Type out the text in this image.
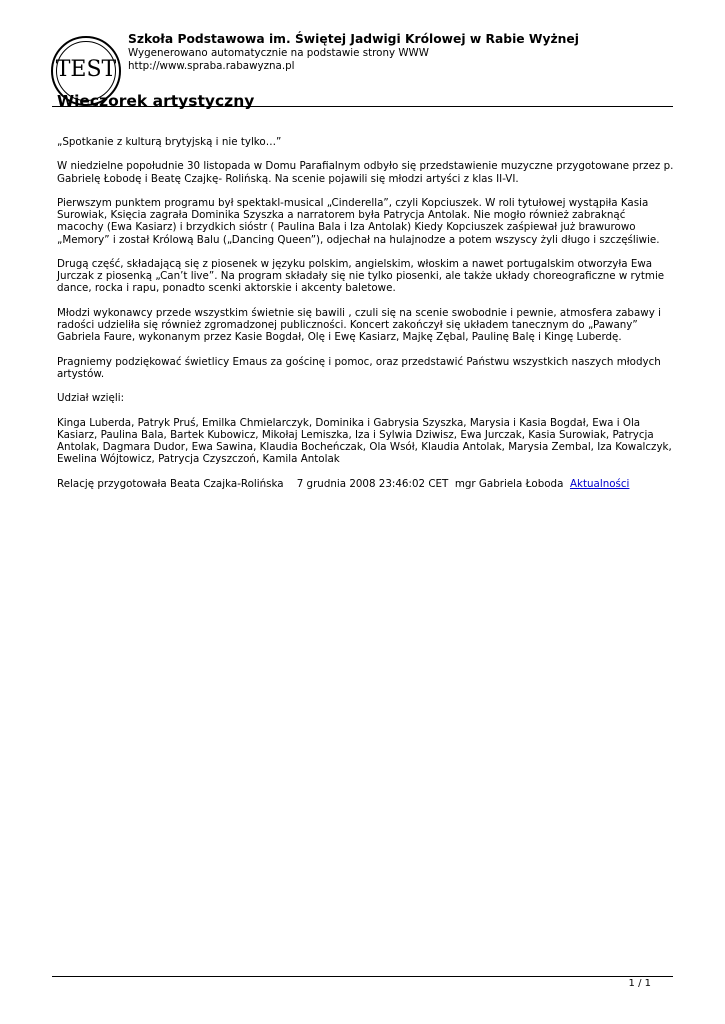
TEST
Szkoła Podstawowa im. Świętej Jadwigi Królowej w Rabie Wyżnej
Wygenerowano automatycznie na podstawie strony WWW
http://www.spraba.rabawyzna.pl
Wieczorek artystyczny

„Spotkanie z kulturą brytyjską i nie tylko…”

W niedzielne popołudnie 30 listopada w Domu Parafialnym odbyło się przedstawienie muzyczne przygotowane przez p. Gabrielę Łobodę i Beatę Czajkę- Rolińską. Na scenie pojawili się młodzi artyści z klas II-VI.

Pierwszym punktem programu był spektakl-musical „Cinderella”, czyli Kopciuszek. W roli tytułowej wystąpiła Kasia Surowiak, Księcia zagrała Dominika Szyszka a narratorem była Patrycja Antolak. Nie mogło również zabraknąć macochy (Ewa Kasiarz) i brzydkich sióstr ( Paulina Bala i Iza Antolak) Kiedy Kopciuszek zaśpiewał już brawurowo „Memory” i został Królową Balu („Dancing Queen”), odjechał na hulajnodze a potem wszyscy żyli długo i szczęśliwie.

Drugą część, składającą się z piosenek w języku polskim, angielskim, włoskim a nawet portugalskim otworzyła Ewa Jurczak z piosenką „Can’t live”. Na program składały się nie tylko piosenki, ale także układy choreograficzne w rytmie dance, rocka i rapu, ponadto scenki aktorskie i akcenty baletowe.

Młodzi wykonawcy przede wszystkim świetnie się bawili , czuli się na scenie swobodnie i pewnie, atmosfera zabawy i radości udzieliła się również zgromadzonej publiczności. Koncert zakończył się układem tanecznym do „Pawany” Gabriela Faure, wykonanym przez Kasie Bogdał, Olę i Ewę Kasiarz, Majkę Zębal, Paulinę Balę i Kingę Luberdę.

Pragniemy podziękować świetlicy Emaus za gościnę i pomoc, oraz przedstawić Państwu wszystkich naszych młodych artystów.

Udział wzięli:

Kinga Luberda, Patryk Pruś, Emilka Chmielarczyk, Dominika i Gabrysia Szyszka, Marysia i Kasia Bogdał, Ewa i Ola Kasiarz, Paulina Bala, Bartek Kubowicz, Mikołaj Lemiszka, Iza i Sylwia Dziwisz, Ewa Jurczak, Kasia Surowiak, Patrycja Antolak, Dagmara Dudor, Ewa Sawina, Klaudia Bocheńczak, Ola Wsół, Klaudia Antolak, Marysia Zembal, Iza Kowalczyk, Ewelina Wójtowicz, Patrycja Czyszczoń, Kamila Antolak

Relację przygotowała Beata Czajka-Rolińska 7 grudnia 2008 23:46:02 CET mgr Gabriela Łoboda Aktualności

1 / 1
